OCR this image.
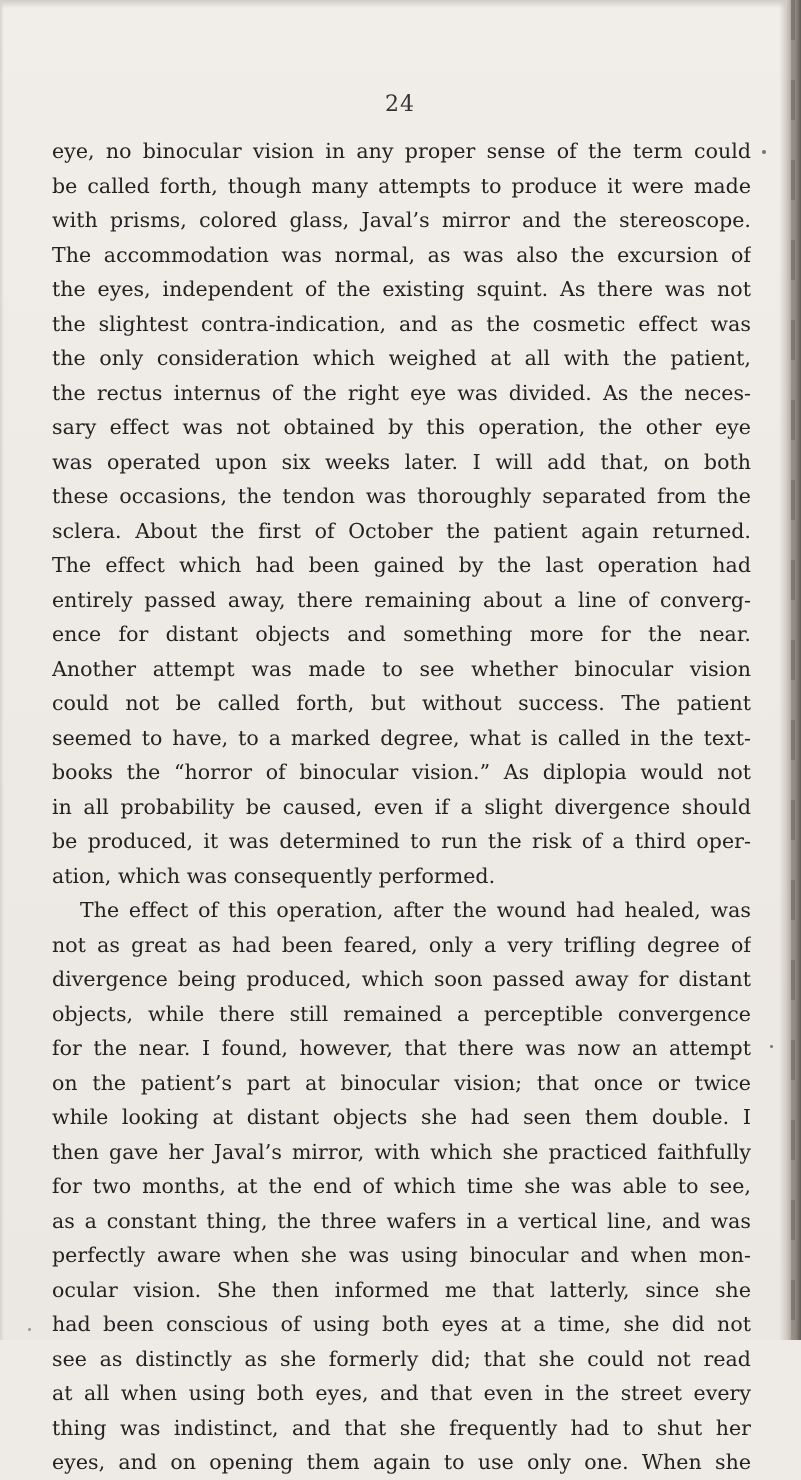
24
eye, no binocular vision in any proper sense of the term could
be called forth, though many attempts to produce it were made
with prisms, colored glass, Javal’s mirror and the stereoscope.
The accommodation was normal, as was also the excursion of
the eyes, independent of the existing squint. As there was not
the slightest contra-indication, and as the cosmetic effect was
the only consideration which weighed at all with the patient,
the rectus internus of the right eye was divided. As the neces-
sary effect was not obtained by this operation, the other eye
was operated upon six weeks later. I will add that, on both
these occasions, the tendon was thoroughly separated from the
sclera. About the first of October the patient again returned.
The effect which had been gained by the last operation had
entirely passed away, there remaining about a line of converg-
ence for distant objects and something more for the near.
Another attempt was made to see whether binocular vision
could not be called forth, but without success. The patient
seemed to have, to a marked degree, what is called in the text-
books the “horror of binocular vision.” As diplopia would not
in all probability be caused, even if a slight divergence should
be produced, it was determined to run the risk of a third oper-
ation, which was consequently performed.
The effect of this operation, after the wound had healed, was
not as great as had been feared, only a very trifling degree of
divergence being produced, which soon passed away for distant
objects, while there still remained a perceptible convergence
for the near. I found, however, that there was now an attempt
on the patient’s part at binocular vision; that once or twice
while looking at distant objects she had seen them double. I
then gave her Javal’s mirror, with which she practiced faithfully
for two months, at the end of which time she was able to see,
as a constant thing, the three wafers in a vertical line, and was
perfectly aware when she was using binocular and when mon-
ocular vision. She then informed me that latterly, since she
had been conscious of using both eyes at a time, she did not
see as distinctly as she formerly did; that she could not read
at all when using both eyes, and that even in the street every
thing was indistinct, and that she frequently had to shut her
eyes, and on opening them again to use only one. When she
